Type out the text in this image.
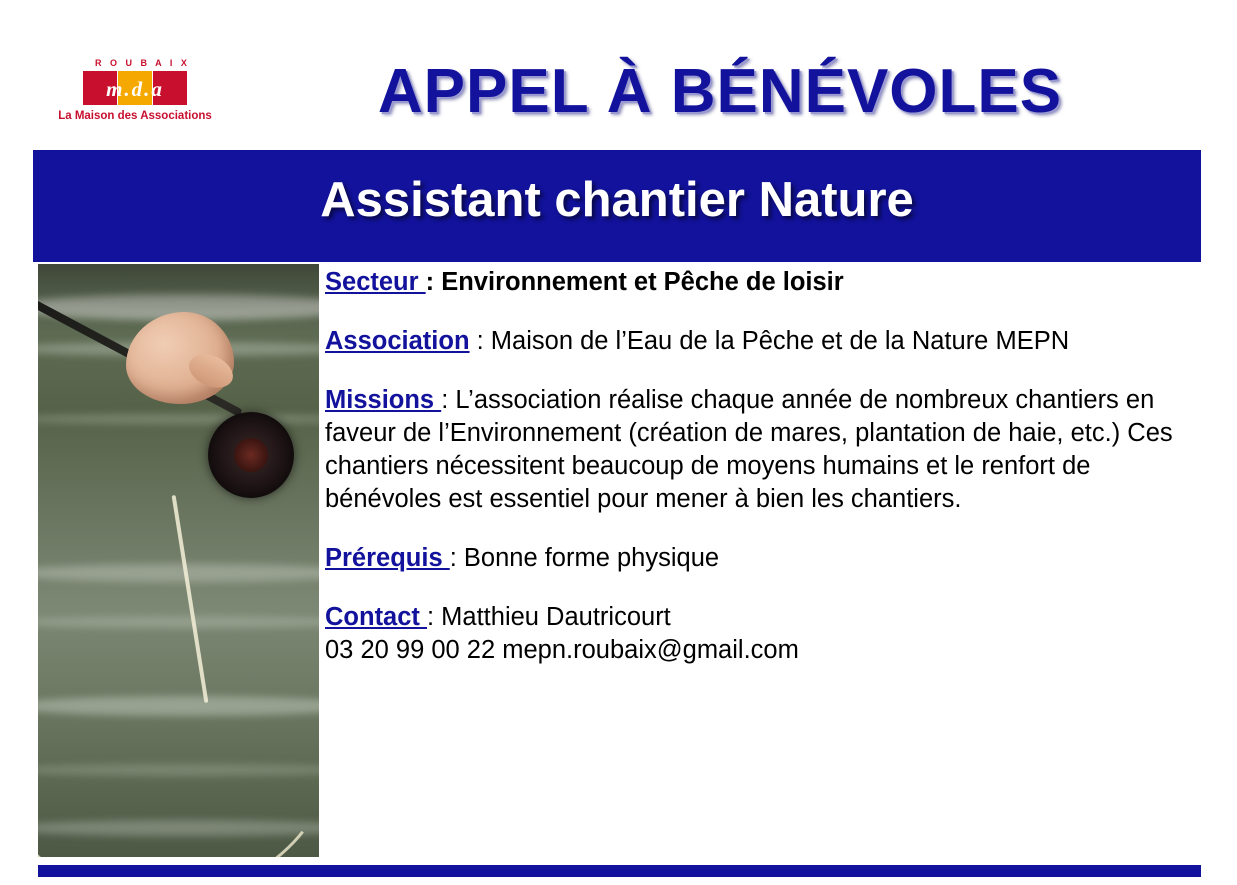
R O U B A I X
m.d.a
La Maison des Associations	APPEL À BÉNÉVOLES
Assistant chantier Nature

Secteur : Environnement et Pêche de loisir

Association : Maison de l’Eau de la Pêche et de la Nature MEPN

Missions : L’association réalise chaque année de nombreux chantiers en faveur de l’Environnement (création de mares, plantation de haie, etc.) Ces chantiers nécessitent beaucoup de moyens humains et le renfort de bénévoles est essentiel pour mener à bien les chantiers.

Prérequis : Bonne forme physique

Contact : Matthieu Dautricourt
03 20 99 00 22 mepn.roubaix@gmail.com
